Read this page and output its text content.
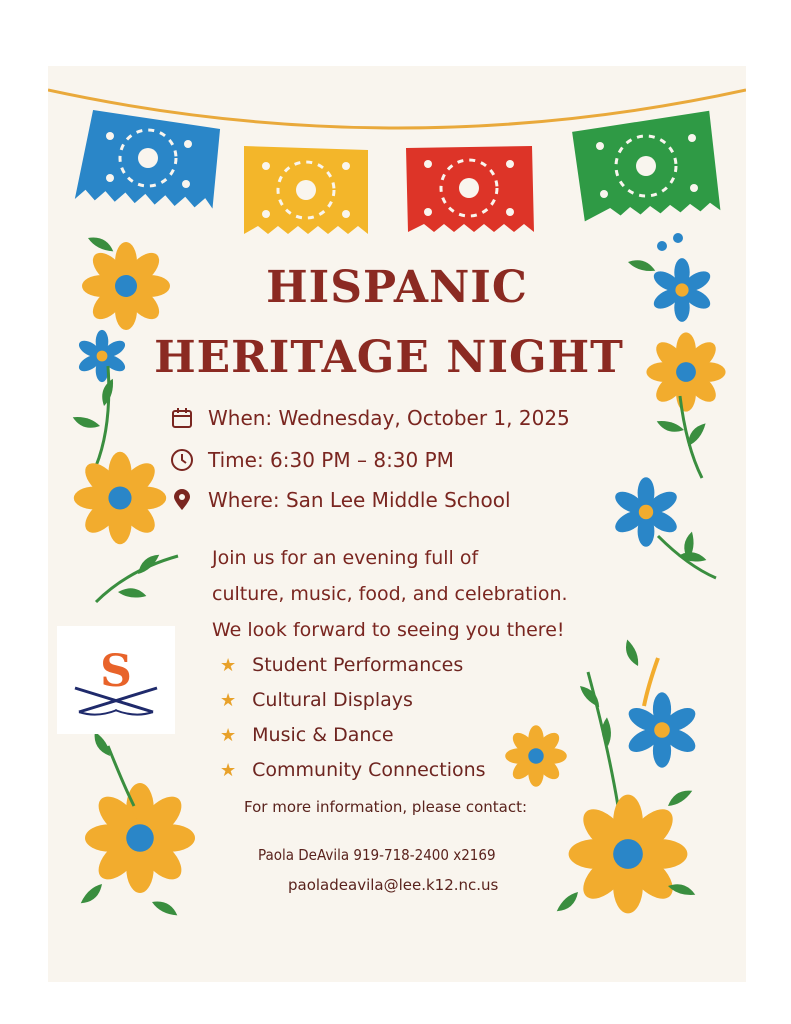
HISPANIC
HERITAGE NIGHT
When: Wednesday, October 1, 2025
Time: 6:30 PM – 8:30 PM
Where: San Lee Middle School
Join us for an evening full of
culture, music, food, and celebration.
We look forward to seeing you there!
★ Student Performances
★ Cultural Displays
★ Music & Dance
★ Community Connections
For more information, please contact:
Paola DeAvila 919-718-2400 x2169
paoladeavila@lee.k12.nc.us
S
